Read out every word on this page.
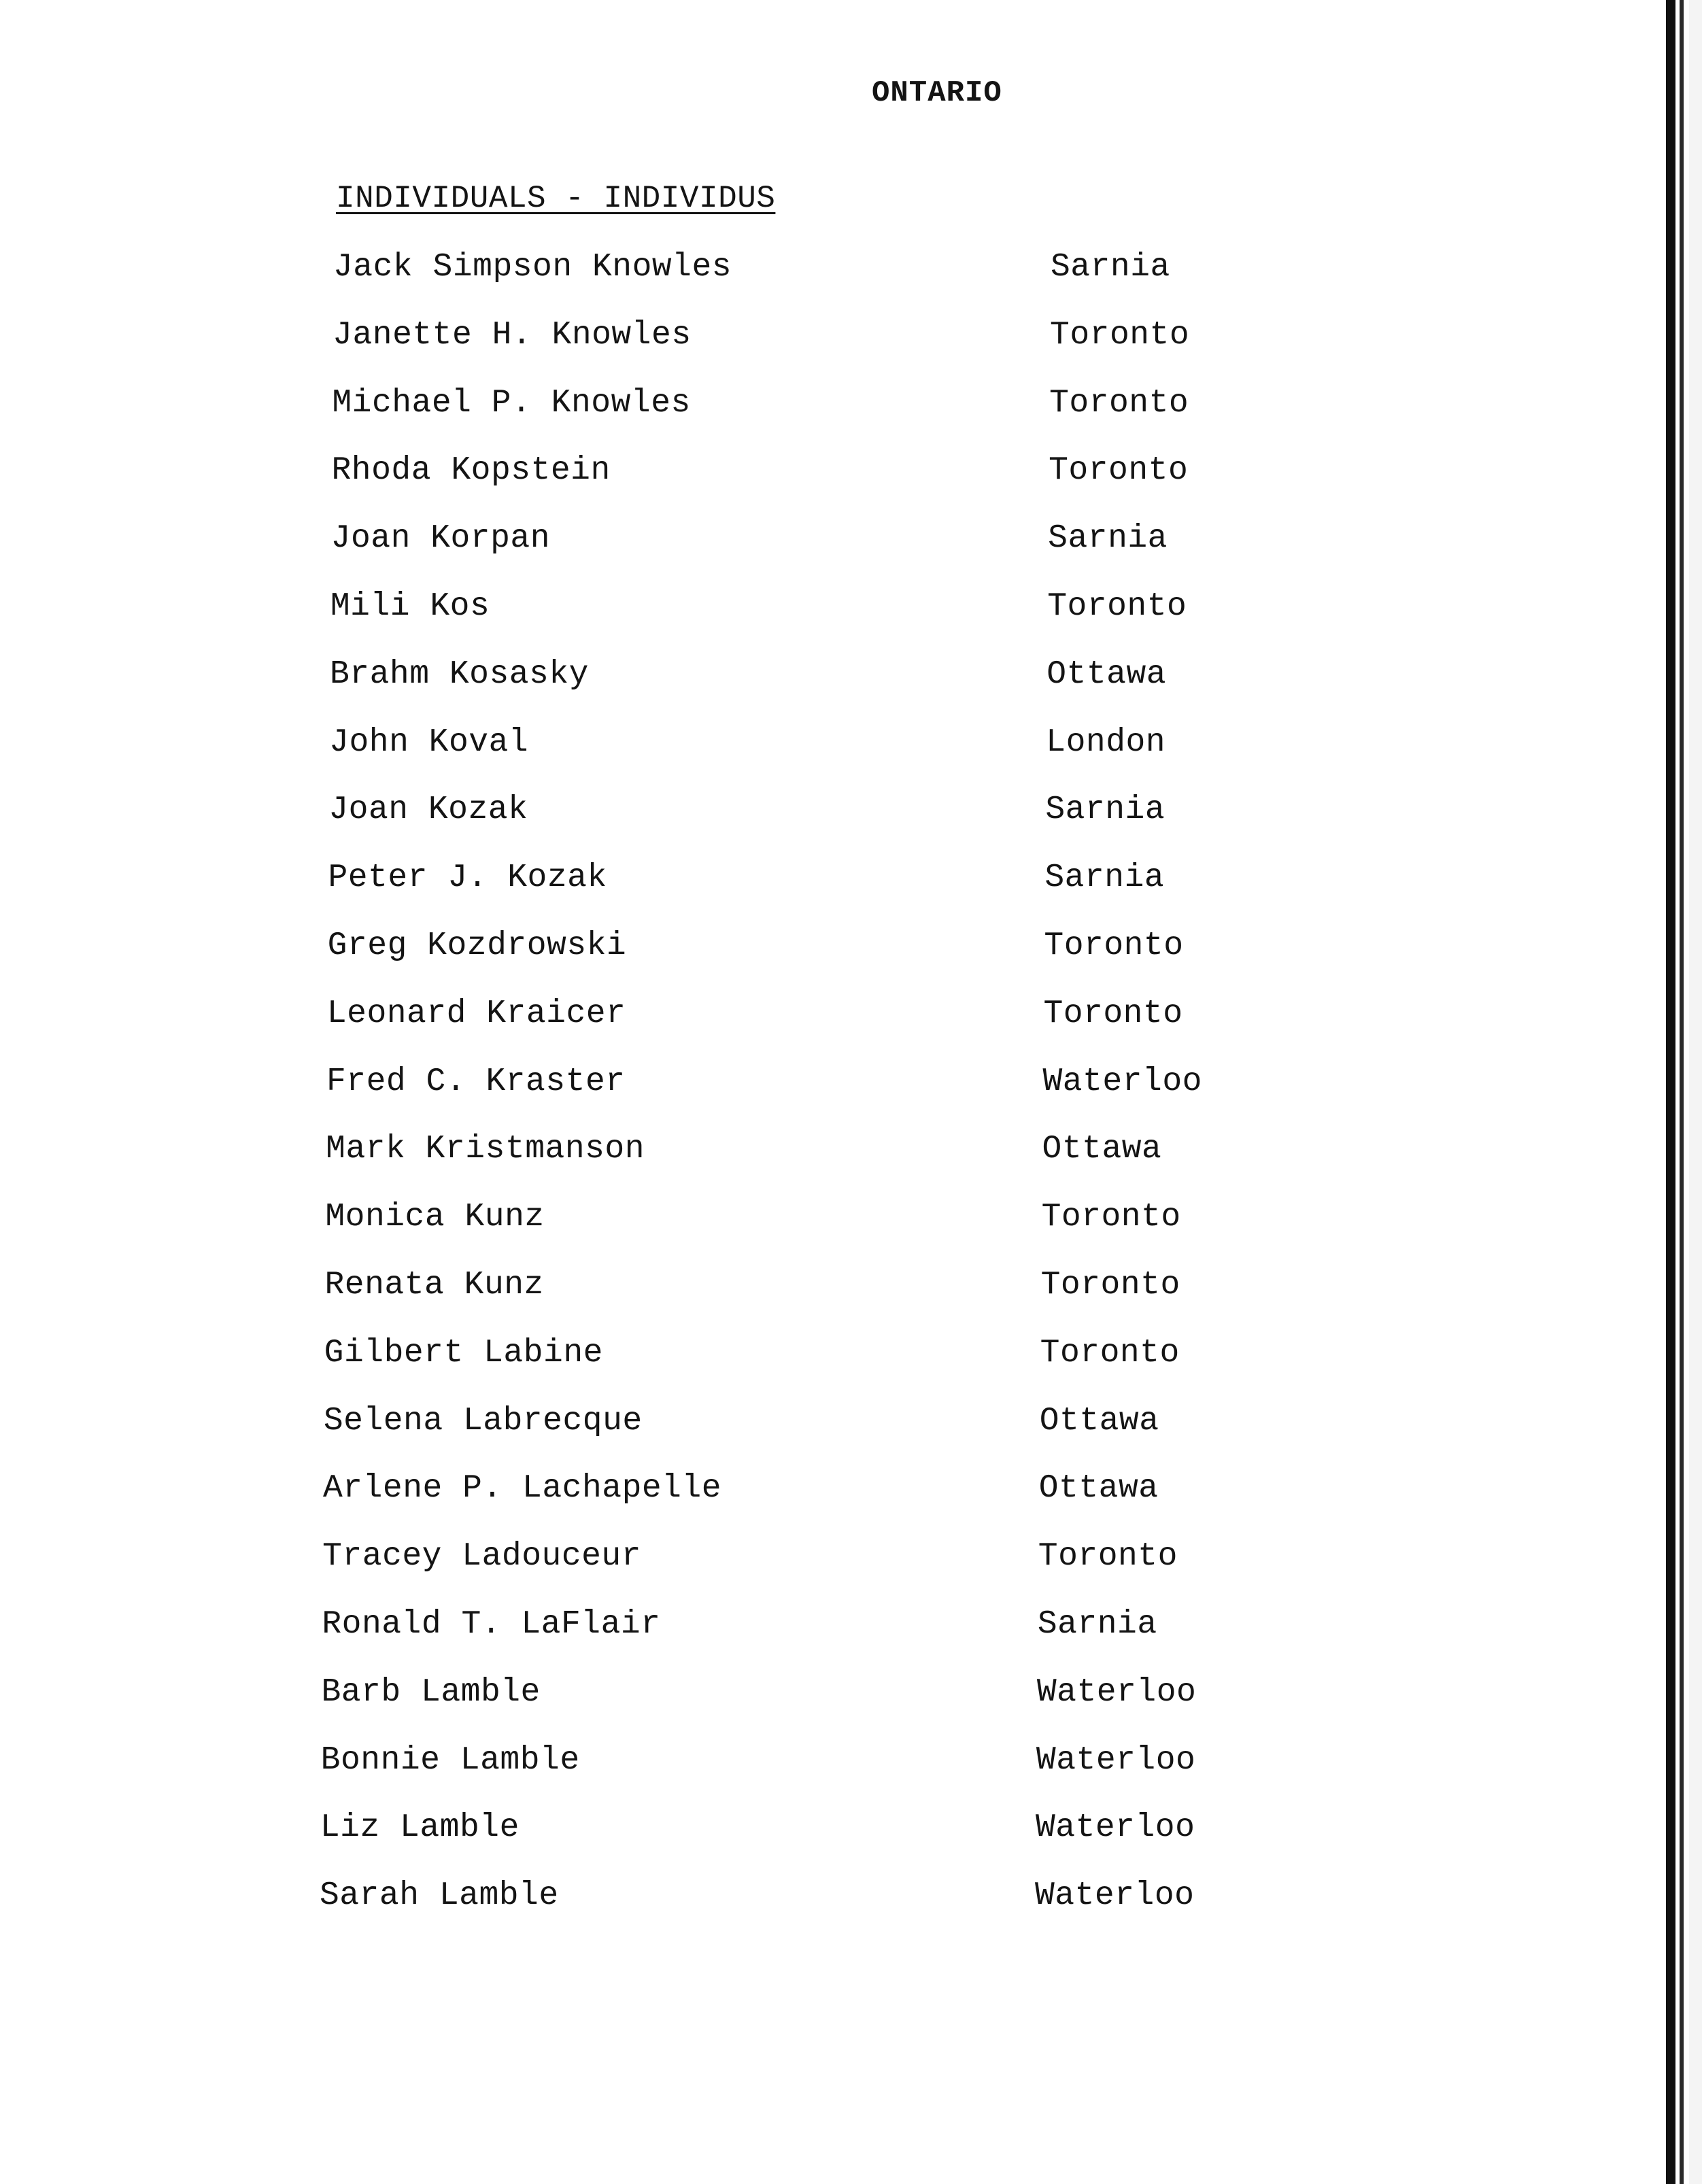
ONTARIO
INDIVIDUALS - INDIVIDUS
Jack Simpson Knowles	Sarnia
Janette H. Knowles	Toronto
Michael P. Knowles	Toronto
Rhoda Kopstein	Toronto
Joan Korpan	Sarnia
Mili Kos	Toronto
Brahm Kosasky	Ottawa
John Koval	London
Joan Kozak	Sarnia
Peter J. Kozak	Sarnia
Greg Kozdrowski	Toronto
Leonard Kraicer	Toronto
Fred C. Kraster	Waterloo
Mark Kristmanson	Ottawa
Monica Kunz	Toronto
Renata Kunz	Toronto
Gilbert Labine	Toronto
Selena Labrecque	Ottawa
Arlene P. Lachapelle	Ottawa
Tracey Ladouceur	Toronto
Ronald T. LaFlair	Sarnia
Barb Lamble	Waterloo
Bonnie Lamble	Waterloo
Liz Lamble	Waterloo
Sarah Lamble	Waterloo
